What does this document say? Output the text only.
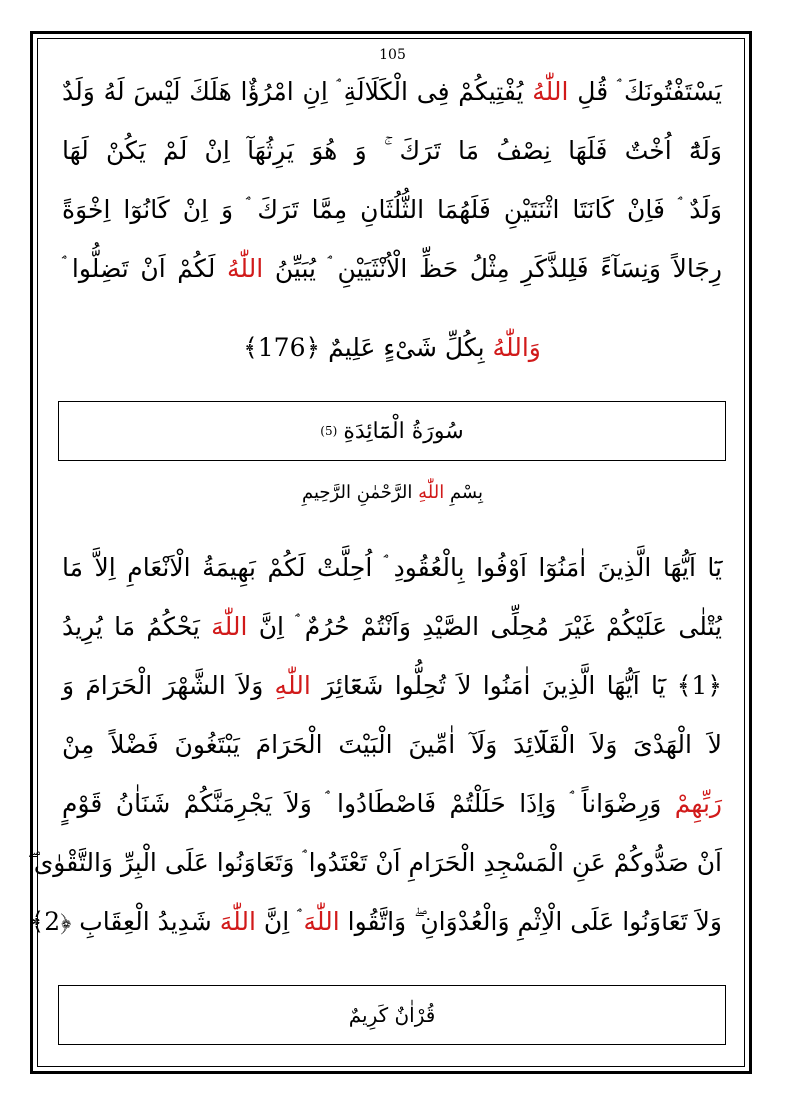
105
يَسْتَفْتُونَكَ ۘ قُلِ اللّٰهُ يُفْتِيكُمْ فِى الْكَلَالَةِ ۘ اِنِ امْرُؤٌا هَلَكَ لَيْسَ لَهُ وَلَدٌ
وَلَهُٓ اُخْتٌ فَلَهَا نِصْفُ مَا تَرَكَ ۚ وَ هُوَ يَرِثُهَآ اِنْ لَمْ يَكُنْ لَهَا
وَلَدٌ ۘ فَاِنْ كَانَتَا اثْنَتَيْنِ فَلَهُمَا الثُّلُثَانِ مِمَّا تَرَكَ ۘ وَ اِنْ كَانُوٓا اِخْوَةً
رِجَالاً وَنِسَآءً فَلِلذَّكَرِ مِثْلُ حَظِّ الْاُنْثَيَيْنِ ۘ يُبَيِّنُ اللّٰهُ لَكُمْ اَنْ تَضِلُّوا ۘ
وَاللّٰهُ بِكُلِّ شَىْءٍ عَلِيمٌ ﴿176﴾
سُورَةُ الْمَٓائِدَةِ
(5)
بِسْمِ اللّٰهِ الرَّحْمٰنِ الرَّحِيمِ
يَٓا اَيُّهَا الَّذِينَ اٰمَنُوٓا اَوْفُوا بِالْعُقُودِ ۘ اُحِلَّتْ لَكُمْ بَهِيمَةُ الْاَنْعَامِ اِلاَّ مَا
يُتْلٰى عَلَيْكُمْ غَيْرَ مُحِلِّى الصَّيْدِ وَاَنْتُمْ حُرُمٌ ۘ اِنَّ اللّٰهَ يَحْكُمُ مَا يُرِيدُ
﴿1﴾ يَٓا اَيُّهَا الَّذِينَ اٰمَنُوا لاَ تُحِلُّوا شَعَٓائِرَ اللّٰهِ وَلاَ الشَّهْرَ الْحَرَامَ وَ
لاَ الْهَدْىَ وَلاَ الْقَلَٓائِدَ وَلَآ اٰمِّينَ الْبَيْتَ الْحَرَامَ يَبْتَغُونَ فَضْلاً مِنْ
رَبِّهِمْ وَرِضْوَاناً ۘ وَاِذَا حَلَلْتُمْ فَاصْطَادُوا ۘ وَلاَ يَجْرِمَنَّكُمْ شَنَاٰنُ قَوْمٍ
اَنْ صَدُّوكُمْ عَنِ الْمَسْجِدِ الْحَرَامِ اَنْ تَعْتَدُوا ۘ وَتَعَاوَنُوا عَلَى الْبِرِّ وَالتَّقْوٰى ۖ
وَلاَ تَعَاوَنُوا عَلَى الْاِثْمِ وَالْعُدْوَانِ ۖ وَاتَّقُوا اللّٰهَ ۘ اِنَّ اللّٰهَ شَدِيدُ الْعِقَابِ ﴿2﴾
قُرْاٰنٌ كَرِيمٌ
